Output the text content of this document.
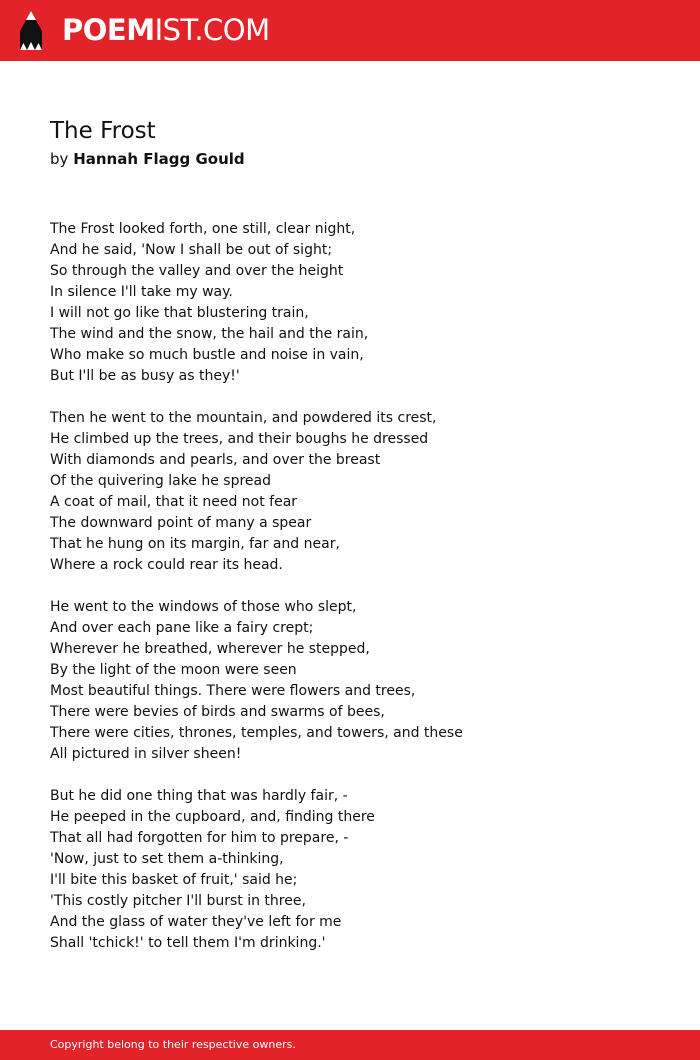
POEMIST.COM
The Frost
by Hannah Flagg Gould
The Frost looked forth, one still, clear night,
And he said, 'Now I shall be out of sight;
So through the valley and over the height
In silence I'll take my way.
I will not go like that blustering train,
The wind and the snow, the hail and the rain,
Who make so much bustle and noise in vain,
But I'll be as busy as they!'
Then he went to the mountain, and powdered its crest,
He climbed up the trees, and their boughs he dressed
With diamonds and pearls, and over the breast
Of the quivering lake he spread
A coat of mail, that it need not fear
The downward point of many a spear
That he hung on its margin, far and near,
Where a rock could rear its head.
He went to the windows of those who slept,
And over each pane like a fairy crept;
Wherever he breathed, wherever he stepped,
By the light of the moon were seen
Most beautiful things. There were flowers and trees,
There were bevies of birds and swarms of bees,
There were cities, thrones, temples, and towers, and these
All pictured in silver sheen!
But he did one thing that was hardly fair, -
He peeped in the cupboard, and, finding there
That all had forgotten for him to prepare, -
'Now, just to set them a-thinking,
I'll bite this basket of fruit,' said he;
'This costly pitcher I'll burst in three,
And the glass of water they've left for me
Shall 'tchick!' to tell them I'm drinking.'
Copyright belong to their respective owners.
